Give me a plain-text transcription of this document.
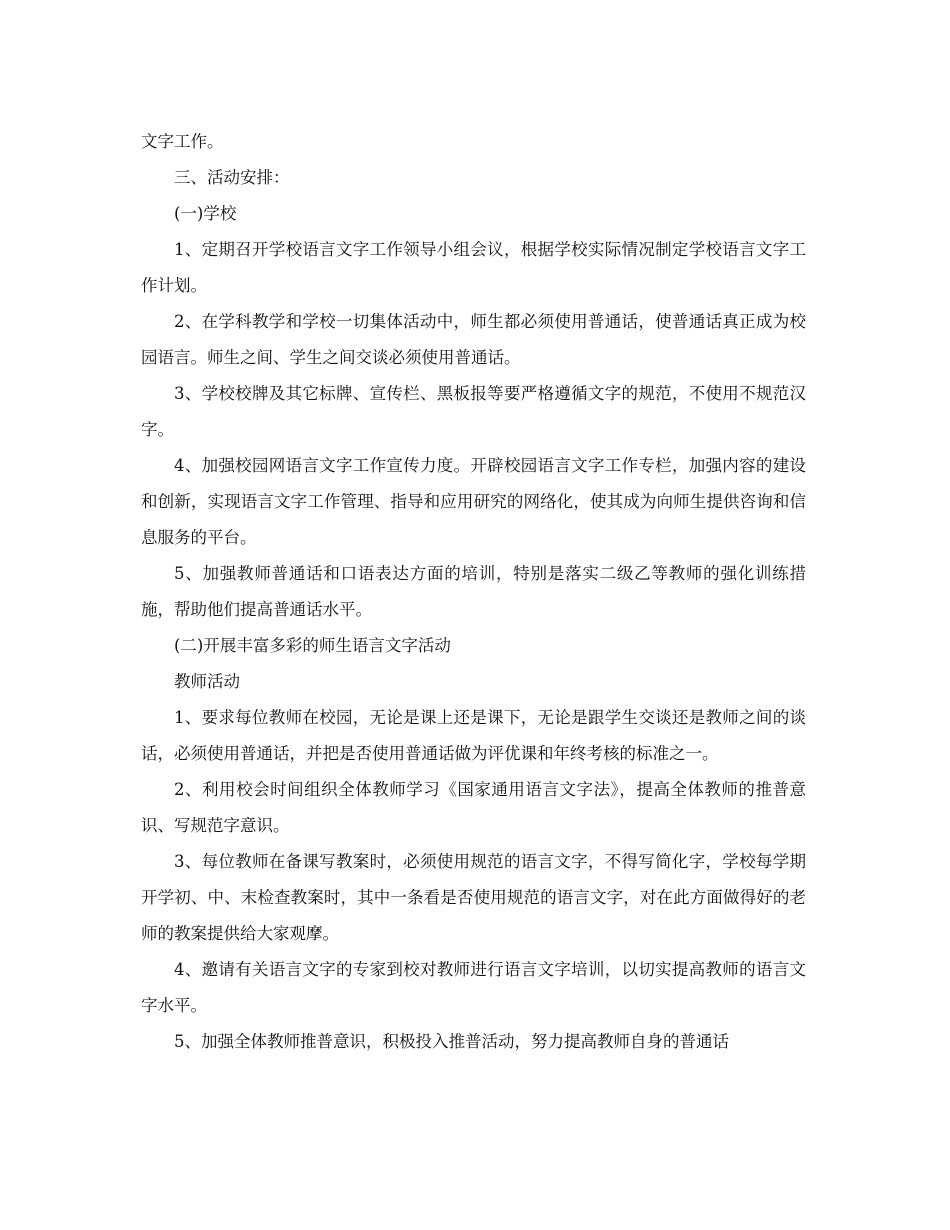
文字工作。

三、活动安排：

(一)学校

1、定期召开学校语言文字工作领导小组会议，根据学校实际情况制定学校语言文字工作计划。

2、在学科教学和学校一切集体活动中，师生都必须使用普通话，使普通话真正成为校园语言。师生之间、学生之间交谈必须使用普通话。

3、学校校牌及其它标牌、宣传栏、黑板报等要严格遵循文字的规范，不使用不规范汉字。

4、加强校园网语言文字工作宣传力度。开辟校园语言文字工作专栏，加强内容的建设和创新，实现语言文字工作管理、指导和应用研究的网络化，使其成为向师生提供咨询和信息服务的平台。

5、加强教师普通话和口语表达方面的培训，特别是落实二级乙等教师的强化训练措施，帮助他们提高普通话水平。

(二)开展丰富多彩的师生语言文字活动

教师活动

1、要求每位教师在校园，无论是课上还是课下，无论是跟学生交谈还是教师之间的谈话，必须使用普通话，并把是否使用普通话做为评优课和年终考核的标准之一。

2、利用校会时间组织全体教师学习《国家通用语言文字法》，提高全体教师的推普意识、写规范字意识。

3、每位教师在备课写教案时，必须使用规范的语言文字，不得写简化字，学校每学期开学初、中、末检查教案时，其中一条看是否使用规范的语言文字，对在此方面做得好的老师的教案提供给大家观摩。

4、邀请有关语言文字的专家到校对教师进行语言文字培训，以切实提高教师的语言文字水平。

5、加强全体教师推普意识，积极投入推普活动，努力提高教师自身的普通话
